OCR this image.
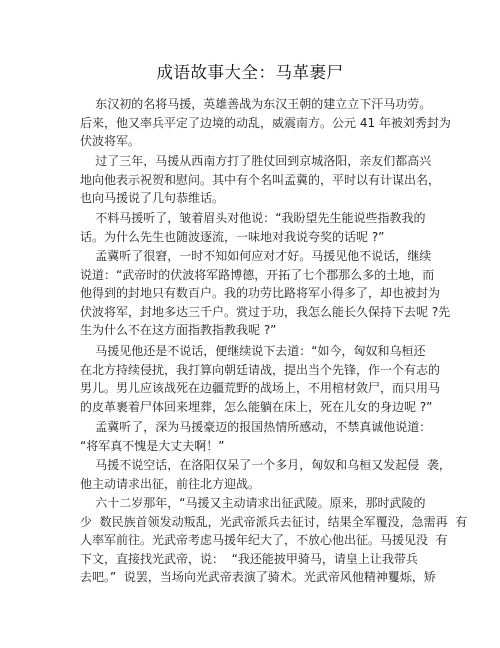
成语故事大全：马革裹尸
东汉初的名将马援，英雄善战为东汉王朝的建立立下汗马功劳。
后来，他又率兵平定了边境的动乱，威震南方。公元 41 年被刘秀封为
伏波将军。
过了三年，马援从西南方打了胜仗回到京城洛阳，亲友们都高兴
地向他表示祝贺和慰问。其中有个名叫孟冀的，平时以有计谋出名，
也向马援说了几句恭维话。
不料马援听了，皱着眉头对他说：“我盼望先生能说些指教我的
话。为什么先生也随波逐流，一味地对我说夸奖的话呢 ?”
孟冀听了很窘，一时不知如何应对才好。马援见他不说话，继续
说道：“武帝时的伏波将军路博德，开拓了七个郡那么多的土地，而
他得到的封地只有数百户。我的功劳比路将军小得多了，却也被封为
伏波将军，封地多达三千户。赏过于功，我怎么能长久保持下去呢 ?先
生为什么不在这方面指教指教我呢 ?”
马援见他还是不说话，便继续说下去道：“如今，匈奴和乌桓还
在北方持续侵扰，我打算向朝廷请战，提出当个先锋，作一个有志的
男儿。男儿应该战死在边疆荒野的战场上，不用棺材敛尸，而只用马
的皮革裹着尸体回来埋葬，怎么能躺在床上，死在儿女的身边呢 ?”
孟冀听了，深为马援豪迈的报国热情所感动，不禁真诚他说道：
“将军真不愧是大丈夫啊！”
马援不说空话，在洛阳仅呆了一个多月，匈奴和乌桓又发起侵  袭，
他主动请求出征，前往北方迎战。
六十二岁那年，“马援又主动请求出征武陵。原来，那时武陵的
少  数民族首领发动叛乱，光武帝派兵去征讨，结果全军覆没，急需再  有
人率军前往。光武帝考虑马援年纪大了，不放心他出征。马援见没  有
下文，直接找光武帝，说：  “我还能披甲骑马，请皇上让我带兵
去吧。”  说罢，当场向光武帝表演了骑术。光武帝风他精神矍烁，矫
